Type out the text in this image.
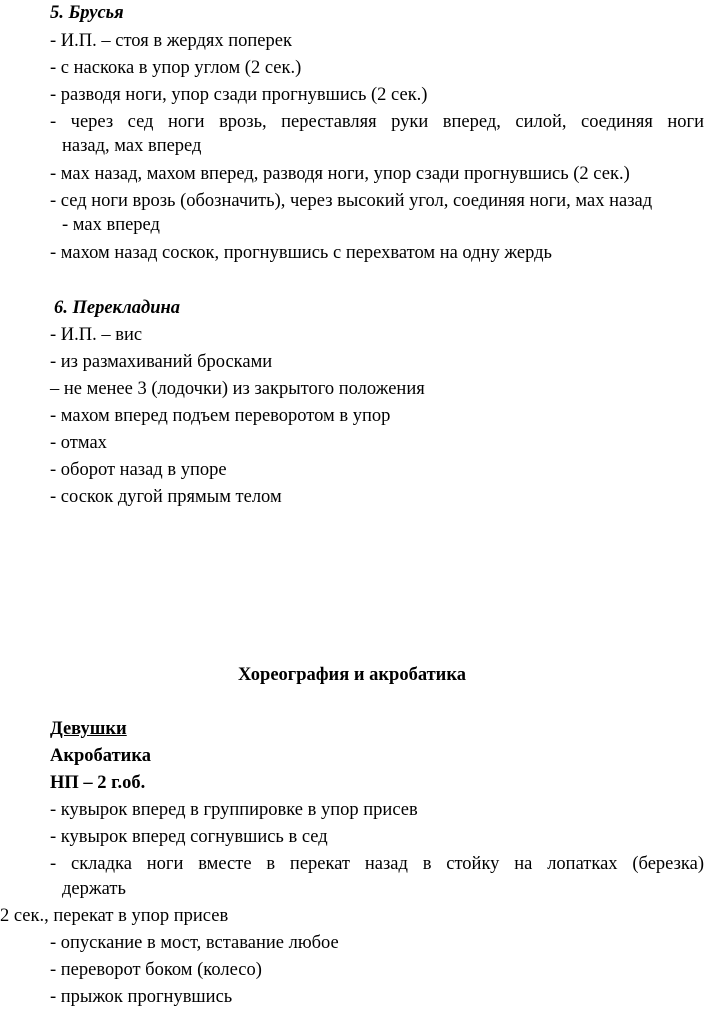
5. Брусья
- И.П. – стоя в жердях поперек
- с наскока в упор углом (2 сек.)
- разводя ноги, упор сзади прогнувшись (2 сек.)
- через сед ноги врозь, переставляя руки вперед, силой, соединяя ноги
назад, мах вперед
- мах назад, махом вперед, разводя ноги, упор сзади прогнувшись (2 сек.)
- сед ноги врозь (обозначить), через высокий угол, соединяя ноги, мах назад
- мах вперед
- махом назад соскок, прогнувшись с перехватом на одну жердь
6. Перекладина
- И.П. – вис
- из размахиваний бросками
– не менее 3 (лодочки) из закрытого положения
- махом вперед подъем переворотом в упор
- отмах
- оборот назад в упоре
- соскок дугой прямым телом
Хореография и акробатика
Девушки
Акробатика
НП – 2 г.об.
- кувырок вперед в группировке в упор присев
- кувырок вперед согнувшись в сед
- складка ноги вместе в перекат назад в стойку на лопатках (березка)
держать
2 сек., перекат в упор присев
- опускание в мост, вставание любое
- переворот боком (колесо)
- прыжок прогнувшись
